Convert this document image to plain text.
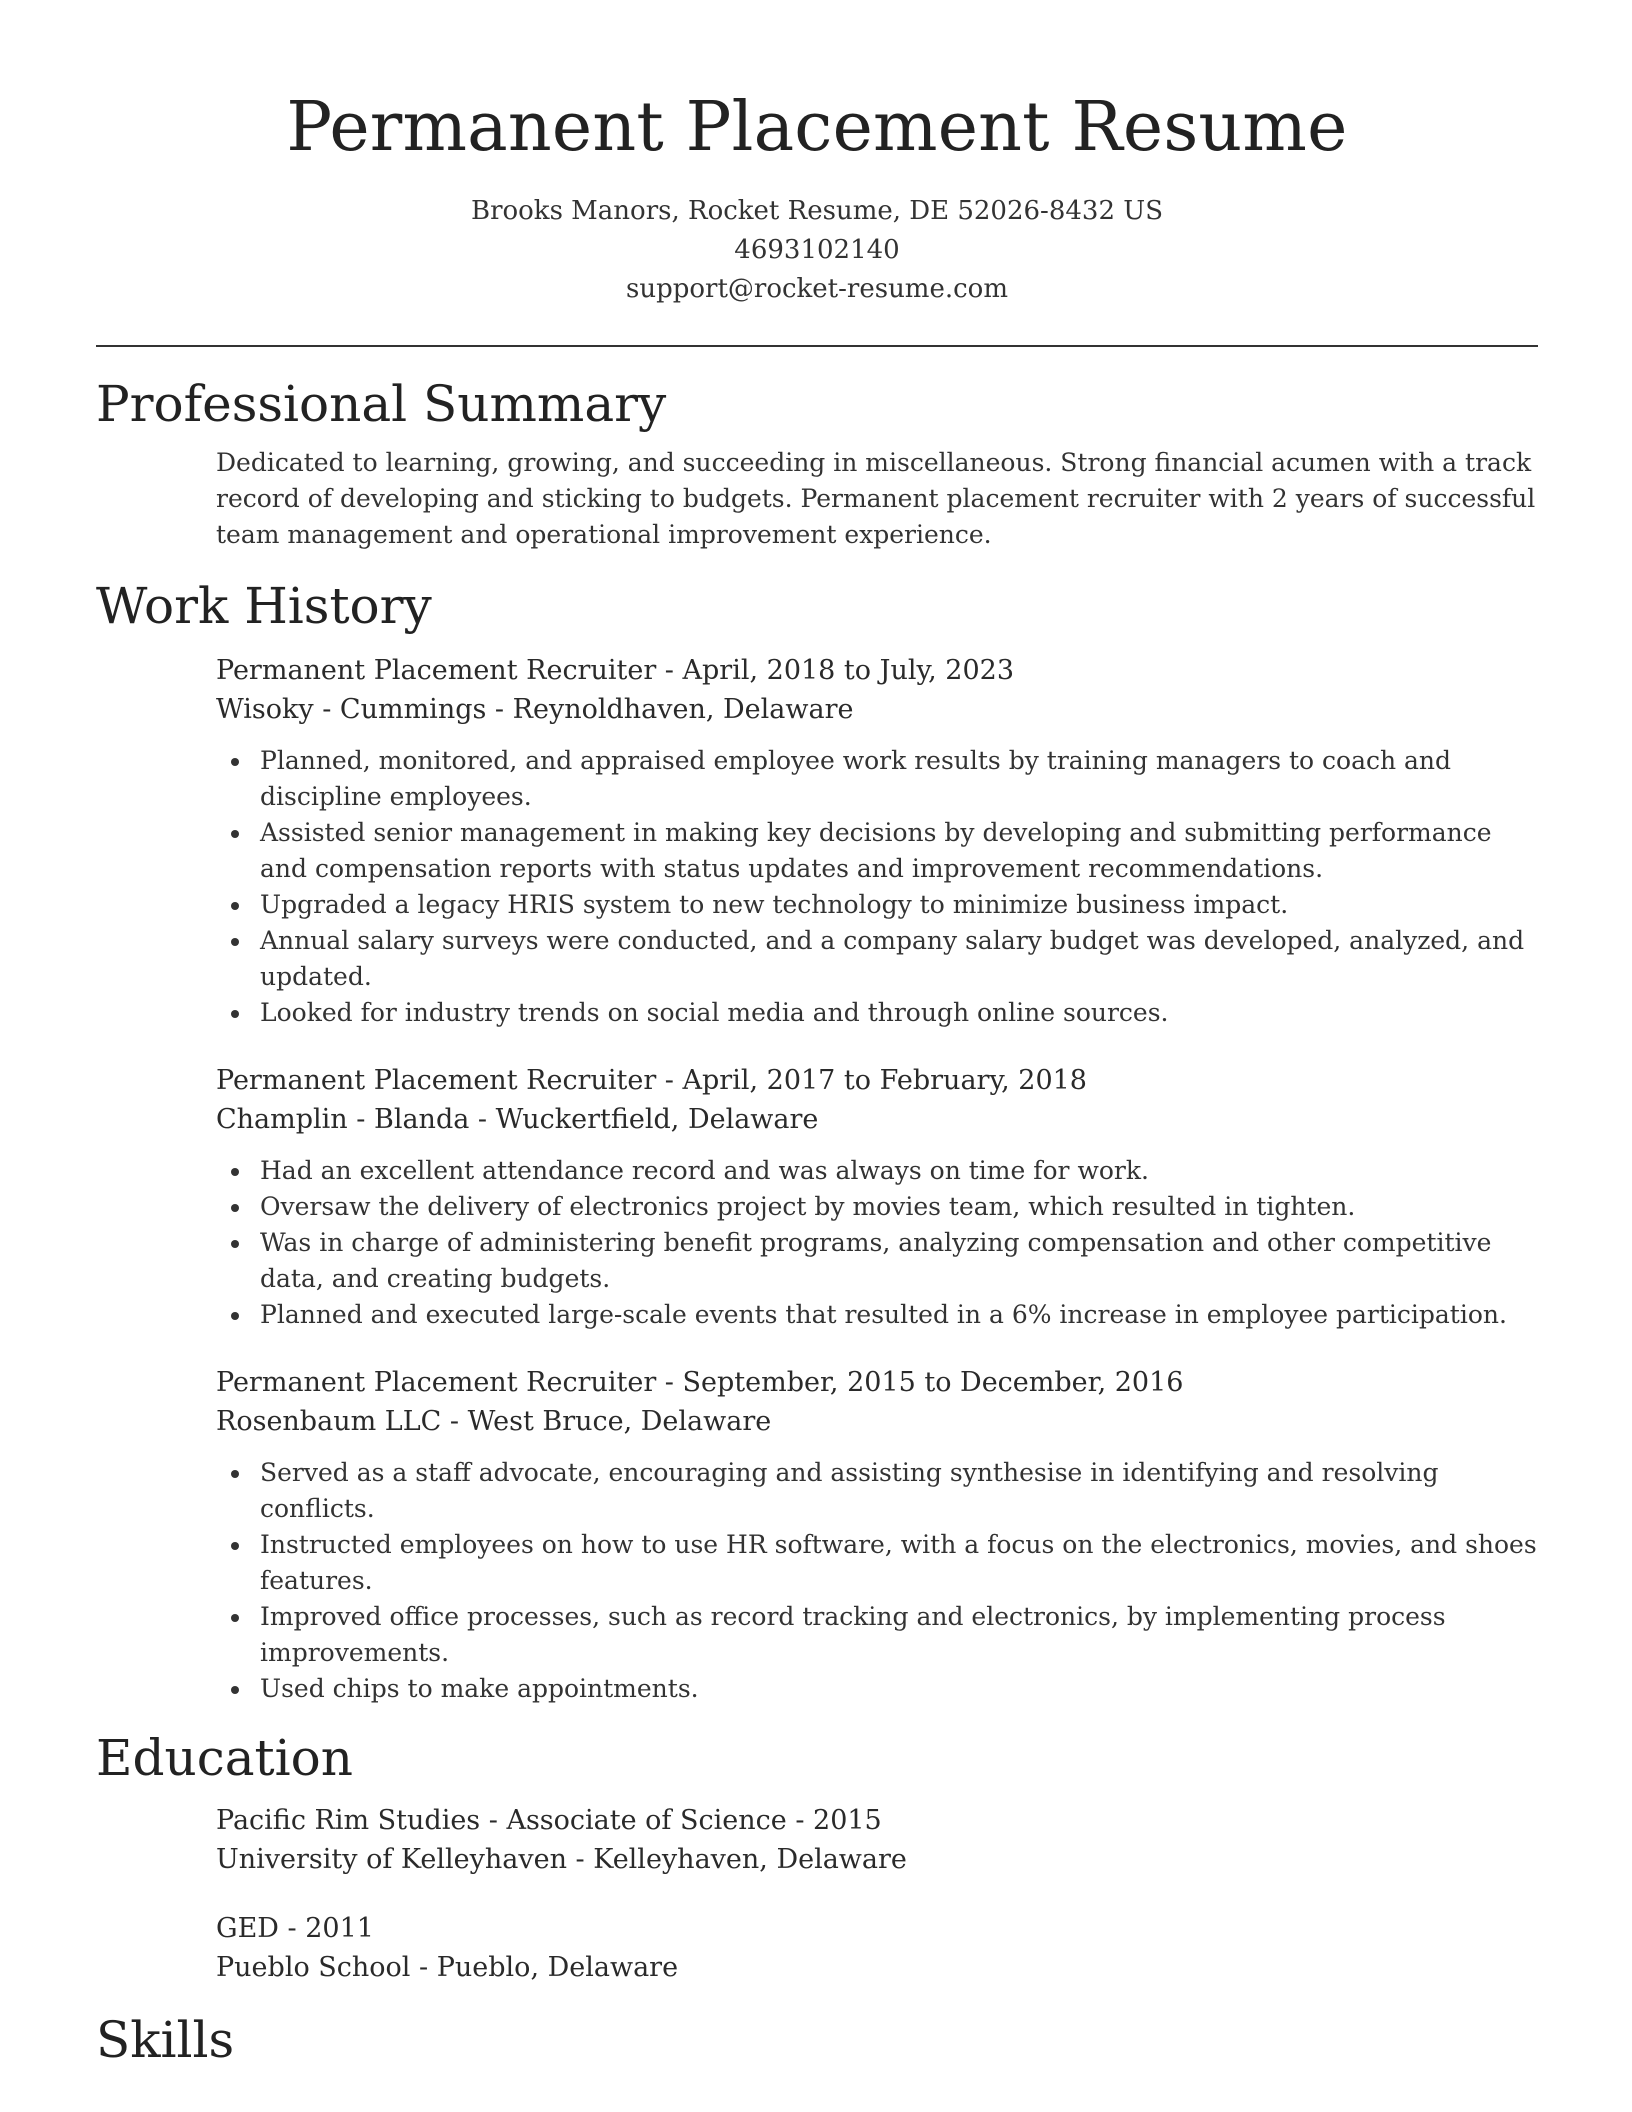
Permanent Placement Resume
Brooks Manors, Rocket Resume, DE 52026-8432 US
4693102140
support@rocket-resume.com
Professional Summary
Dedicated to learning, growing, and succeeding in miscellaneous. Strong financial acumen with a track record of developing and sticking to budgets. Permanent placement recruiter with 2 years of successful team management and operational improvement experience.
Work History
Permanent Placement Recruiter - April, 2018 to July, 2023
Wisoky - Cummings - Reynoldhaven, Delaware
Planned, monitored, and appraised employee work results by training managers to coach and discipline employees.
Assisted senior management in making key decisions by developing and submitting performance and compensation reports with status updates and improvement recommendations.
Upgraded a legacy HRIS system to new technology to minimize business impact.
Annual salary surveys were conducted, and a company salary budget was developed, analyzed, and updated.
Looked for industry trends on social media and through online sources.
Permanent Placement Recruiter - April, 2017 to February, 2018
Champlin - Blanda - Wuckertfield, Delaware
Had an excellent attendance record and was always on time for work.
Oversaw the delivery of electronics project by movies team, which resulted in tighten.
Was in charge of administering benefit programs, analyzing compensation and other competitive data, and creating budgets.
Planned and executed large-scale events that resulted in a 6% increase in employee participation.
Permanent Placement Recruiter - September, 2015 to December, 2016
Rosenbaum LLC - West Bruce, Delaware
Served as a staff advocate, encouraging and assisting synthesise in identifying and resolving conflicts.
Instructed employees on how to use HR software, with a focus on the electronics, movies, and shoes features.
Improved office processes, such as record tracking and electronics, by implementing process improvements.
Used chips to make appointments.
Education
Pacific Rim Studies - Associate of Science - 2015
University of Kelleyhaven - Kelleyhaven, Delaware
GED - 2011
Pueblo School - Pueblo, Delaware
Skills
